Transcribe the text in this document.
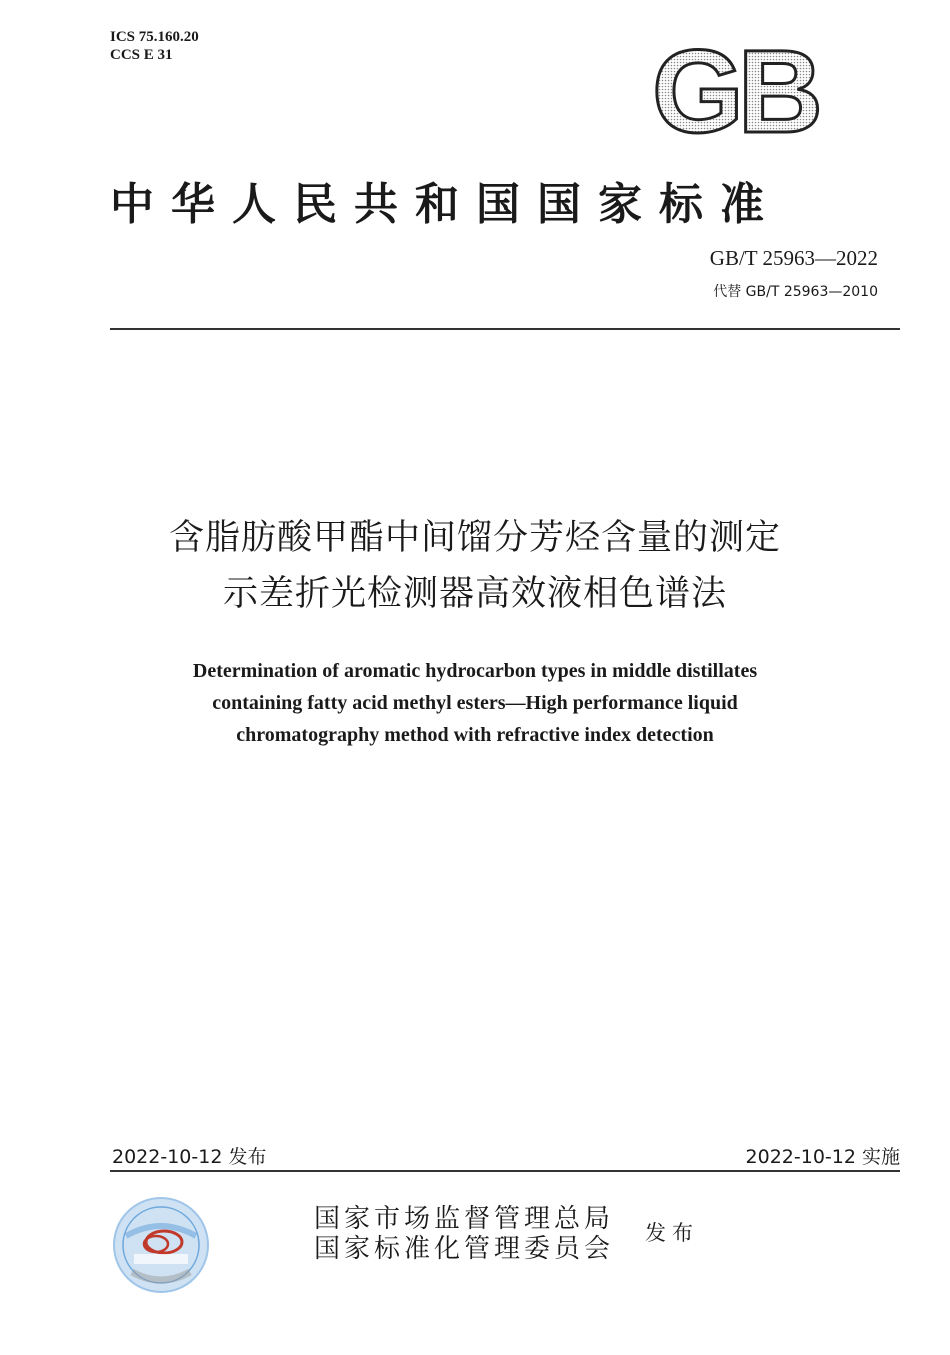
ICS 75.160.20
CCS E 31	GB
中华人民共和国国家标准
GB/T 25963—2022
代替 GB/T 25963—2010
含脂肪酸甲酯中间馏分芳烃含量的测定
示差折光检测器高效液相色谱法
Determination of aromatic hydrocarbon types in middle distillates
containing fatty acid methyl esters—High performance liquid
chromatography method with refractive index detection
2022-10-12 发布	2022-10-12 实施
国家市场监督管理总局
国家标准化管理委员会
发布
